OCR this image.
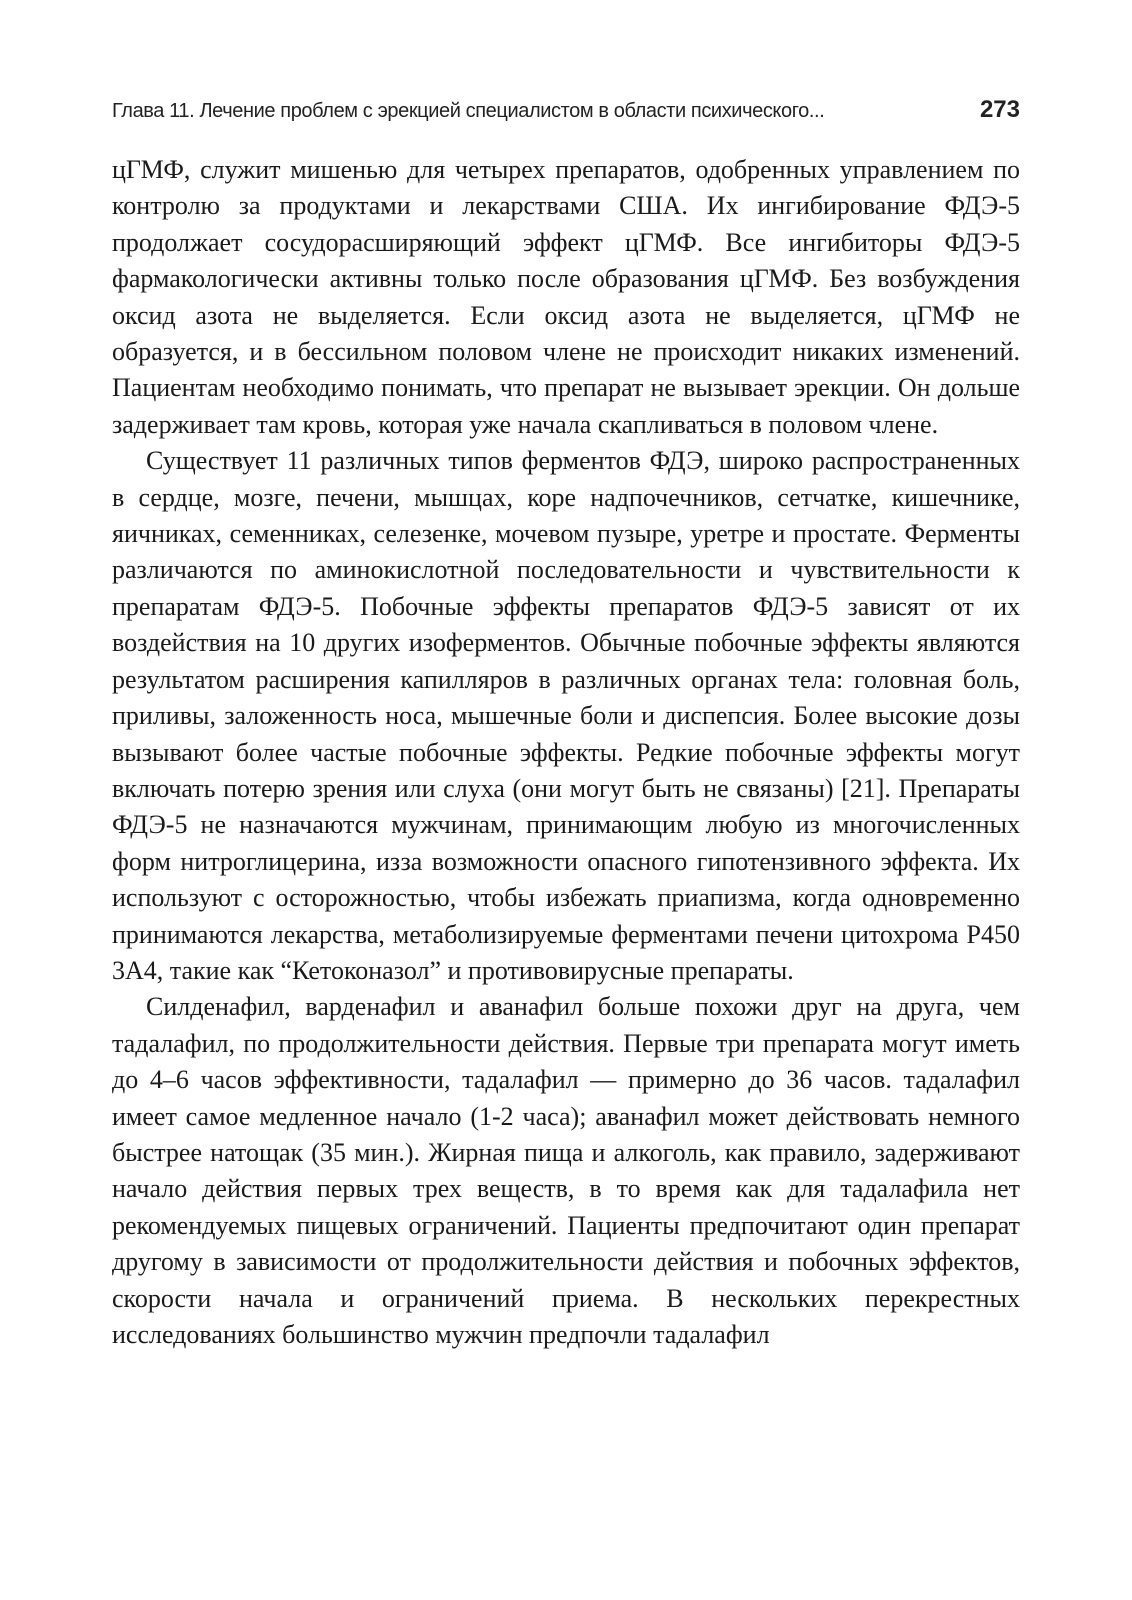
Глава 11. Лечение проблем с эрекцией специалистом в области психического...	273

цГМФ, служит мишенью для четырех препаратов, одобренных управлением по контролю за продуктами и лекарствами США. Их ингибирование ФДЭ-5 продолжает сосудорасширяющий эффект цГМФ. Все ингибиторы ФДЭ-5 фармакологически активны только после образования цГМФ. Без возбуждения оксид азота не выделяется. Если оксид азота не выделяется, цГМФ не образуется, и в бессильном половом члене не происходит никаких изменений. Пациентам необходимо понимать, что препарат не вызывает эрекции. Он дольше задерживает там кровь, которая уже начала скапливаться в половом члене.

Существует 11 различных типов ферментов ФДЭ, широко распространенных в сердце, мозге, печени, мышцах, коре надпочечников, сетчатке, кишечнике, яичниках, семенниках, селезенке, мочевом пузыре, уретре и простате. Ферменты различаются по аминокислотной последовательности и чувствительности к препаратам ФДЭ-5. Побочные эффекты препаратов ФДЭ-5 зависят от их воздействия на 10 других изоферментов. Обычные побочные эффекты являются результатом расширения капилляров в различных органах тела: головная боль, приливы, заложенность носа, мышечные боли и диспепсия. Более высокие дозы вызывают более частые побочные эффекты. Редкие побочные эффекты могут включать потерю зрения или слуха (они могут быть не связаны) [21]. Препараты ФДЭ-5 не назначаются мужчинам, принимающим любую из многочисленных форм нитроглицерина, изза возможности опасного гипотензивного эффекта. Их используют с осторожностью, чтобы избежать приапизма, когда одновременно принимаются лекарства, метаболизируемые ферментами печени цитохрома P450 3A4, такие как “Кетоконазол” и противовирусные препараты.

Силденафил, варденафил и аванафил больше похожи друг на друга, чем тадалафил, по продолжительности действия. Первые три препарата могут иметь до 4–6 часов эффективности, тадалафил — примерно до 36 часов. тадалафил имеет самое медленное начало (1-2 часа); аванафил может действовать немного быстрее натощак (35 мин.). Жирная пища и алкоголь, как правило, задерживают начало действия первых трех веществ, в то время как для тадалафила нет рекомендуемых пищевых ограничений. Пациенты предпочитают один препарат другому в зависимости от продолжительности действия и побочных эффектов, скорости начала и ограничений приема. В нескольких перекрестных исследованиях большинство мужчин предпочли тадалафил
